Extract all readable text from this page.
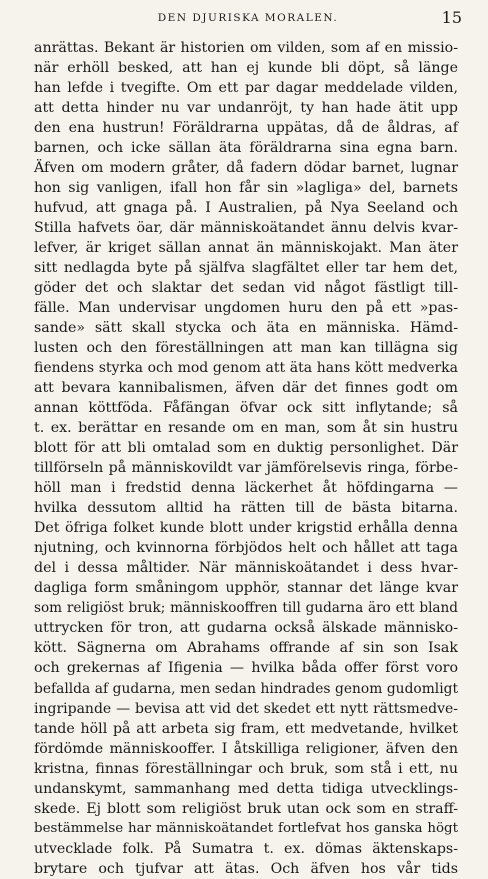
DEN DJURISKA MORALEN.	15
anrättas. Bekant är historien om vilden, som af en missio-
när erhöll besked, att han ej kunde bli döpt, så länge
han lefde i tvegifte. Om ett par dagar meddelade vilden,
att detta hinder nu var undanröjt, ty han hade ätit upp
den ena hustrun! Föräldrarna uppätas, då de åldras, af
barnen, och icke sällan äta föräldrarna sina egna barn.
Äfven om modern gråter, då fadern dödar barnet, lugnar
hon sig vanligen, ifall hon får sin »lagliga» del, barnets
hufvud, att gnaga på. I Australien, på Nya Seeland och
Stilla hafvets öar, där människoätandet ännu delvis kvar-
lefver, är kriget sällan annat än människojakt. Man äter
sitt nedlagda byte på själfva slagfältet eller tar hem det,
göder det och slaktar det sedan vid något fästligt till-
fälle. Man undervisar ungdomen huru den på ett »pas-
sande» sätt skall stycka och äta en människa. Hämd-
lusten och den föreställningen att man kan tillägna sig
fiendens styrka och mod genom att äta hans kött medverka
att bevara kannibalismen, äfven där det finnes godt om
annan köttföda. Fåfängan öfvar ock sitt inflytande; så
t. ex. berättar en resande om en man, som åt sin hustru
blott för att bli omtalad som en duktig personlighet. Där
tillförseln på människovildt var jämförelsevis ringa, förbe-
höll man i fredstid denna läckerhet åt höfdingarna —
hvilka dessutom alltid ha rätten till de bästa bitarna.
Det öfriga folket kunde blott under krigstid erhålla denna
njutning, och kvinnorna förbjödos helt och hållet att taga
del i dessa måltider. När människoätandet i dess hvar-
dagliga form småningom upphör, stannar det länge kvar
som religiöst bruk; människooffren till gudarna äro ett bland
uttrycken för tron, att gudarna också älskade människo-
kött. Sägnerna om Abrahams offrande af sin son Isak
och grekernas af Ifigenia — hvilka båda offer först voro
befallda af gudarna, men sedan hindrades genom gudomligt
ingripande — bevisa att vid det skedet ett nytt rättsmedve-
tande höll på att arbeta sig fram, ett medvetande, hvilket
fördömde människooffer. I åtskilliga religioner, äfven den
kristna, finnas föreställningar och bruk, som stå i ett, nu
undanskymt, sammanhang med detta tidiga utvecklings-
skede. Ej blott som religiöst bruk utan ock som en straff-
bestämmelse har människoätandet fortlefvat hos ganska högt
utvecklade folk. På Sumatra t. ex. dömas äktenskaps-
brytare och tjufvar att ätas. Och äfven hos vår tids
